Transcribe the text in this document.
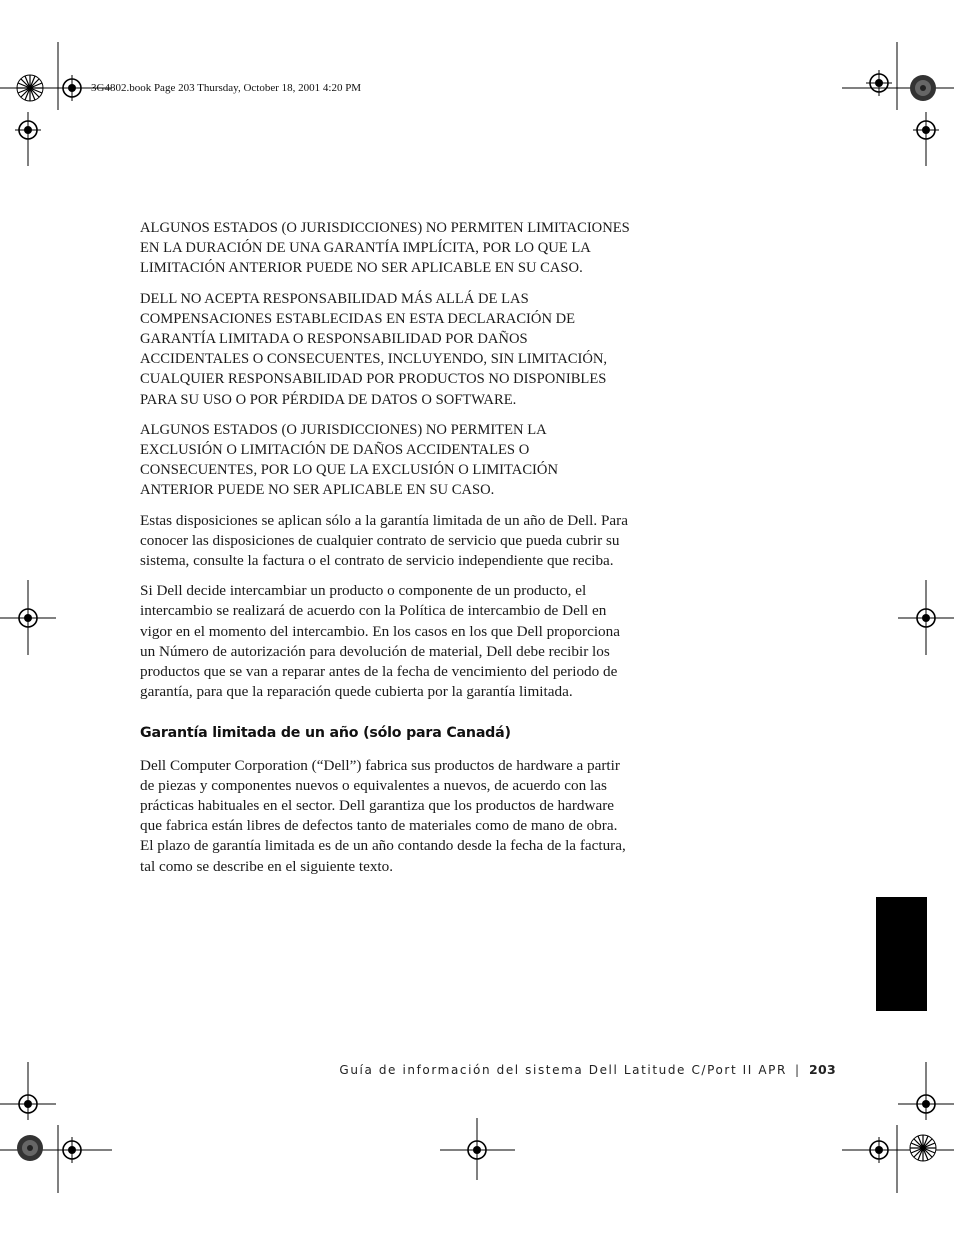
3G4802.book Page 203 Thursday, October 18, 2001 4:20 PM

ALGUNOS ESTADOS (O JURISDICCIONES) NO PERMITEN LIMITACIONES EN LA DURACIÓN DE UNA GARANTÍA IMPLÍCITA, POR LO QUE LA LIMITACIÓN ANTERIOR PUEDE NO SER APLICABLE EN SU CASO.

DELL NO ACEPTA RESPONSABILIDAD MÁS ALLÁ DE LAS COMPENSACIONES ESTABLECIDAS EN ESTA DECLARACIÓN DE GARANTÍA LIMITADA O RESPONSABILIDAD POR DAÑOS ACCIDENTALES O CONSECUENTES, INCLUYENDO, SIN LIMITACIÓN, CUALQUIER RESPONSABILIDAD POR PRODUCTOS NO DISPONIBLES PARA SU USO O POR PÉRDIDA DE DATOS O SOFTWARE.

ALGUNOS ESTADOS (O JURISDICCIONES) NO PERMITEN LA EXCLUSIÓN O LIMITACIÓN DE DAÑOS ACCIDENTALES O CONSECUENTES, POR LO QUE LA EXCLUSIÓN O LIMITACIÓN ANTERIOR PUEDE NO SER APLICABLE EN SU CASO.

Estas disposiciones se aplican sólo a la garantía limitada de un año de Dell. Para conocer las disposiciones de cualquier contrato de servicio que pueda cubrir su sistema, consulte la factura o el contrato de servicio independiente que reciba.

Si Dell decide intercambiar un producto o componente de un producto, el intercambio se realizará de acuerdo con la Política de intercambio de Dell en vigor en el momento del intercambio. En los casos en los que Dell proporciona un Número de autorización para devolución de material, Dell debe recibir los productos que se van a reparar antes de la fecha de vencimiento del periodo de garantía, para que la reparación quede cubierta por la garantía limitada.

Garantía limitada de un año (sólo para Canadá)

Dell Computer Corporation (“Dell”) fabrica sus productos de hardware a partir de piezas y componentes nuevos o equivalentes a nuevos, de acuerdo con las prácticas habituales en el sector. Dell garantiza que los productos de hardware que fabrica están libres de defectos tanto de materiales como de mano de obra. El plazo de garantía limitada es de un año contando desde la fecha de la factura, tal como se describe en el siguiente texto.

Guía de información del sistema Dell Latitude C/Port II APR | 203
